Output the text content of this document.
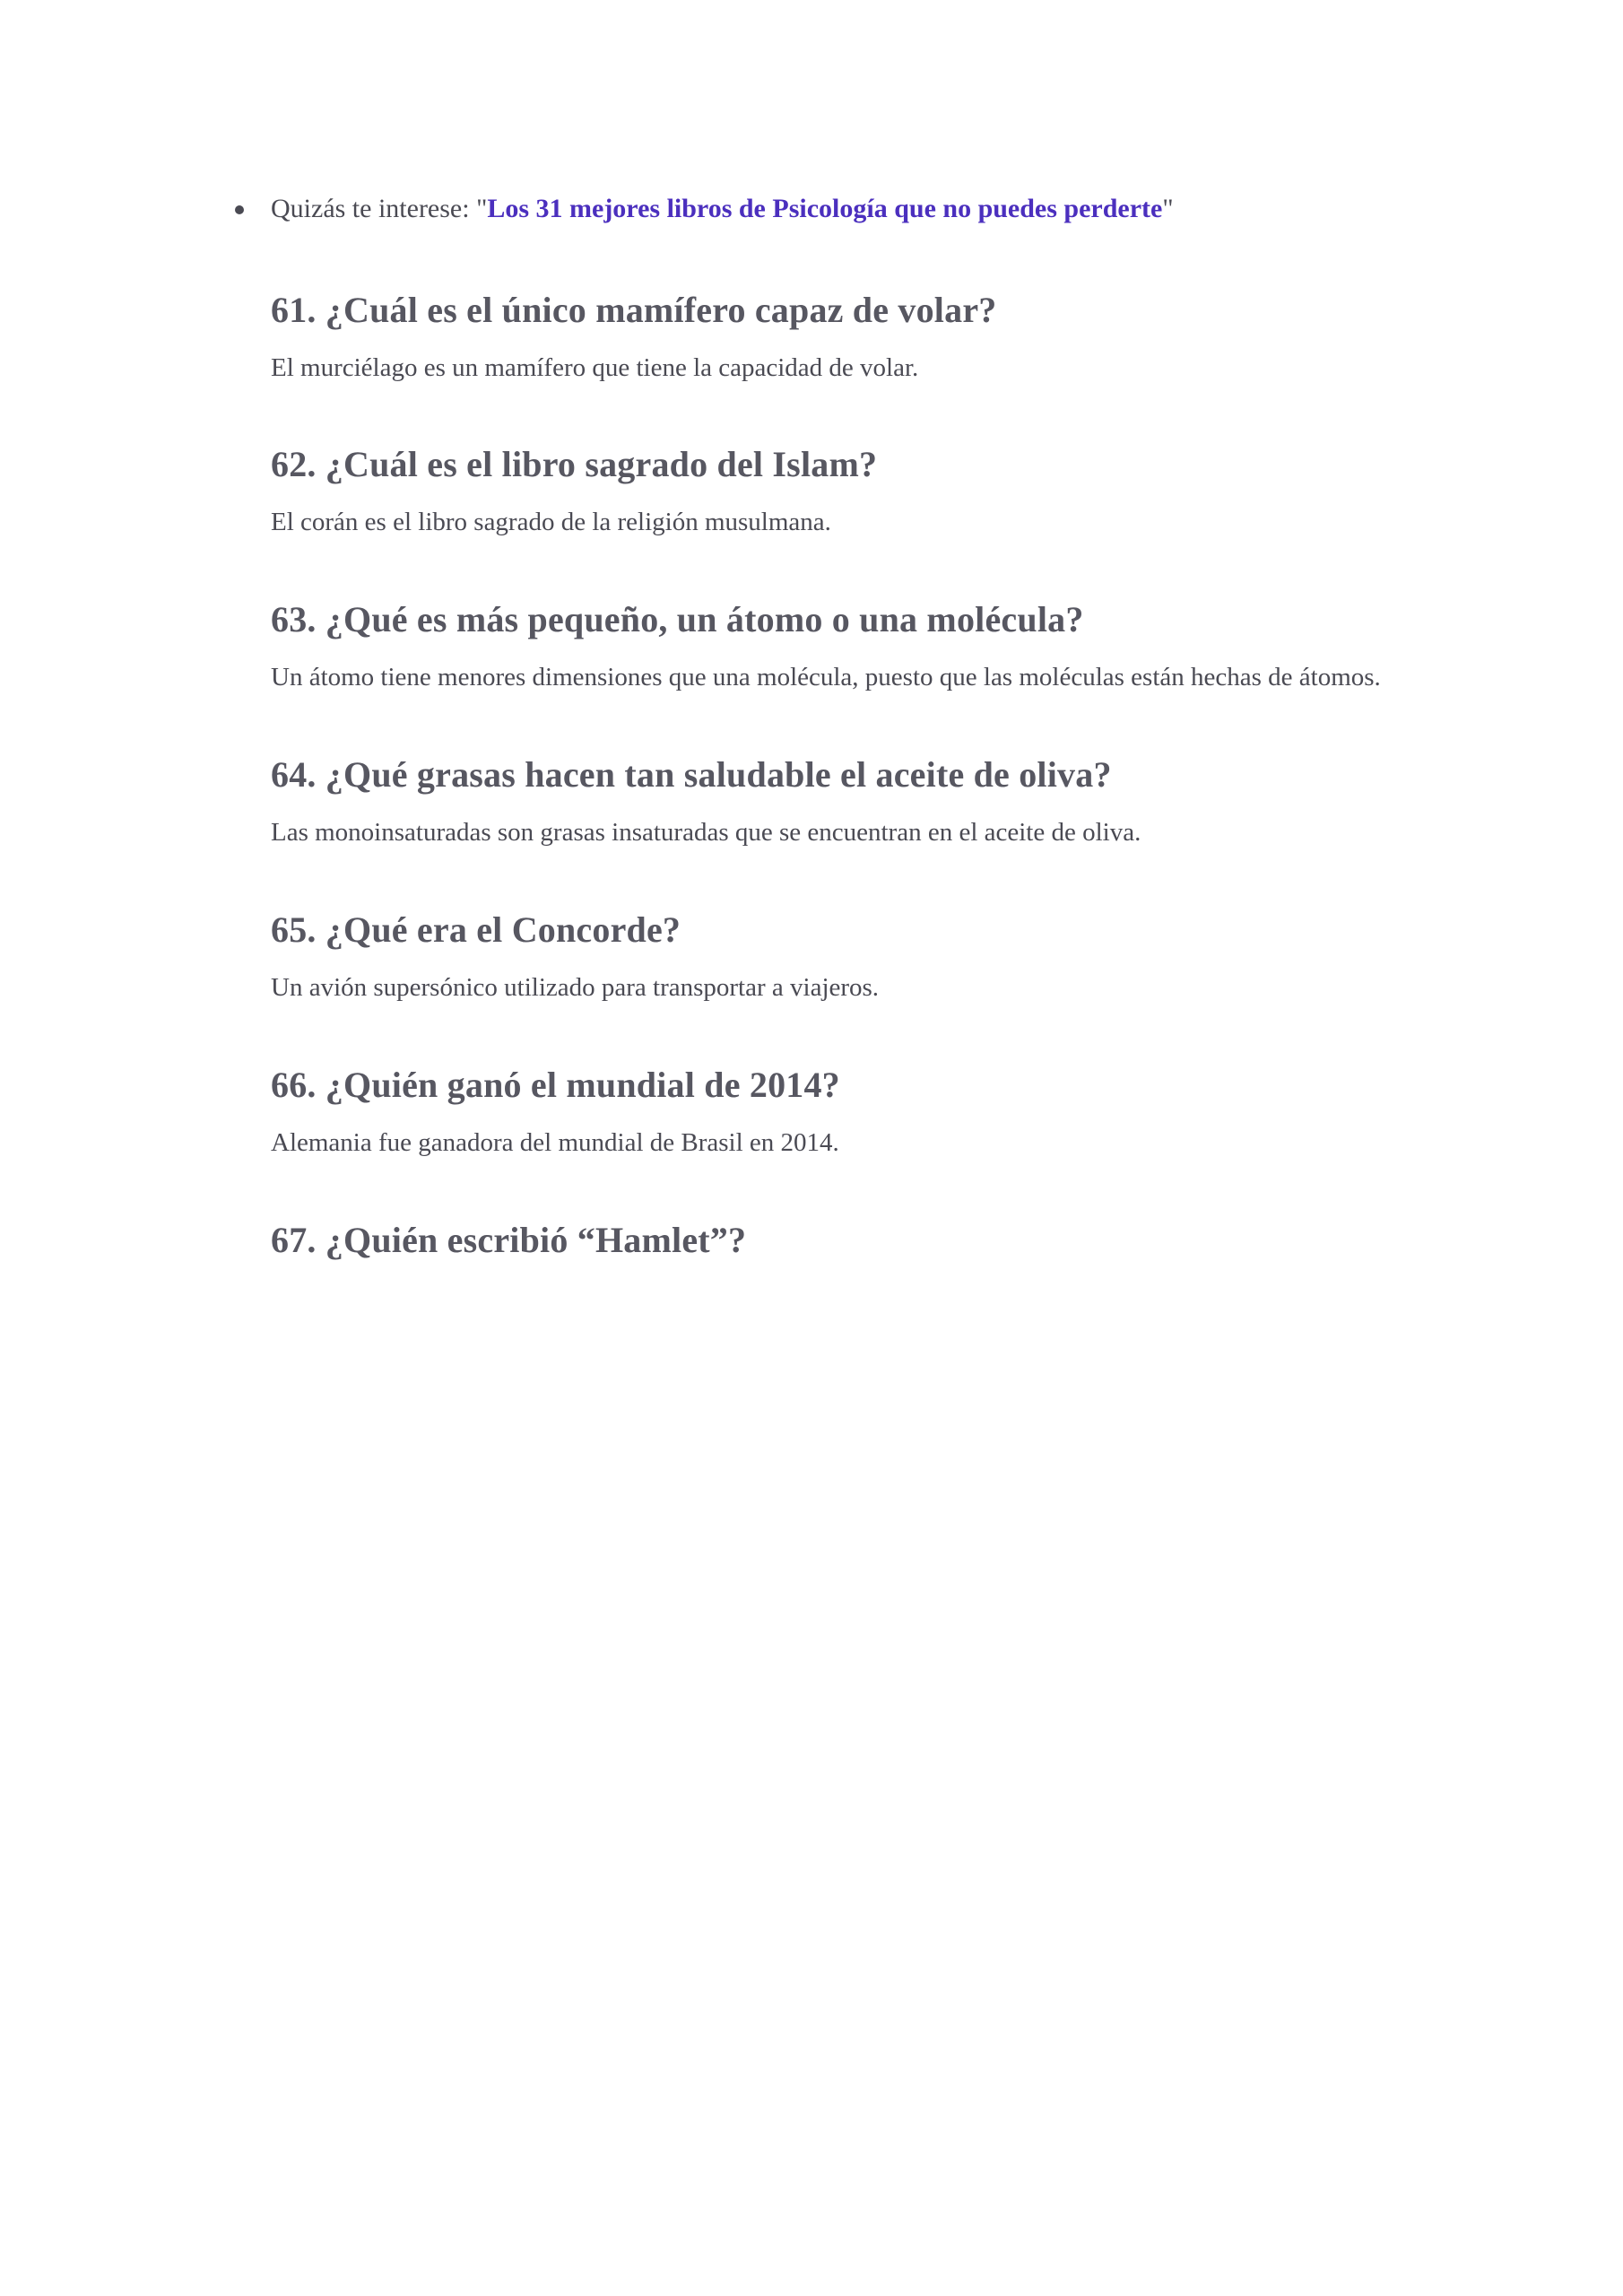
Quizás te interese: "Los 31 mejores libros de Psicología que no puedes perderte"
61. ¿Cuál es el único mamífero capaz de volar?

El murciélago es un mamífero que tiene la capacidad de volar.

62. ¿Cuál es el libro sagrado del Islam?

El corán es el libro sagrado de la religión musulmana.

63. ¿Qué es más pequeño, un átomo o una molécula?

Un átomo tiene menores dimensiones que una molécula, puesto que las moléculas están hechas de átomos.

64. ¿Qué grasas hacen tan saludable el aceite de oliva?

Las monoinsaturadas son grasas insaturadas que se encuentran en el aceite de oliva.

65. ¿Qué era el Concorde?

Un avión supersónico utilizado para transportar a viajeros.

66. ¿Quién ganó el mundial de 2014?

Alemania fue ganadora del mundial de Brasil en 2014.

67. ¿Quién escribió “Hamlet”?
